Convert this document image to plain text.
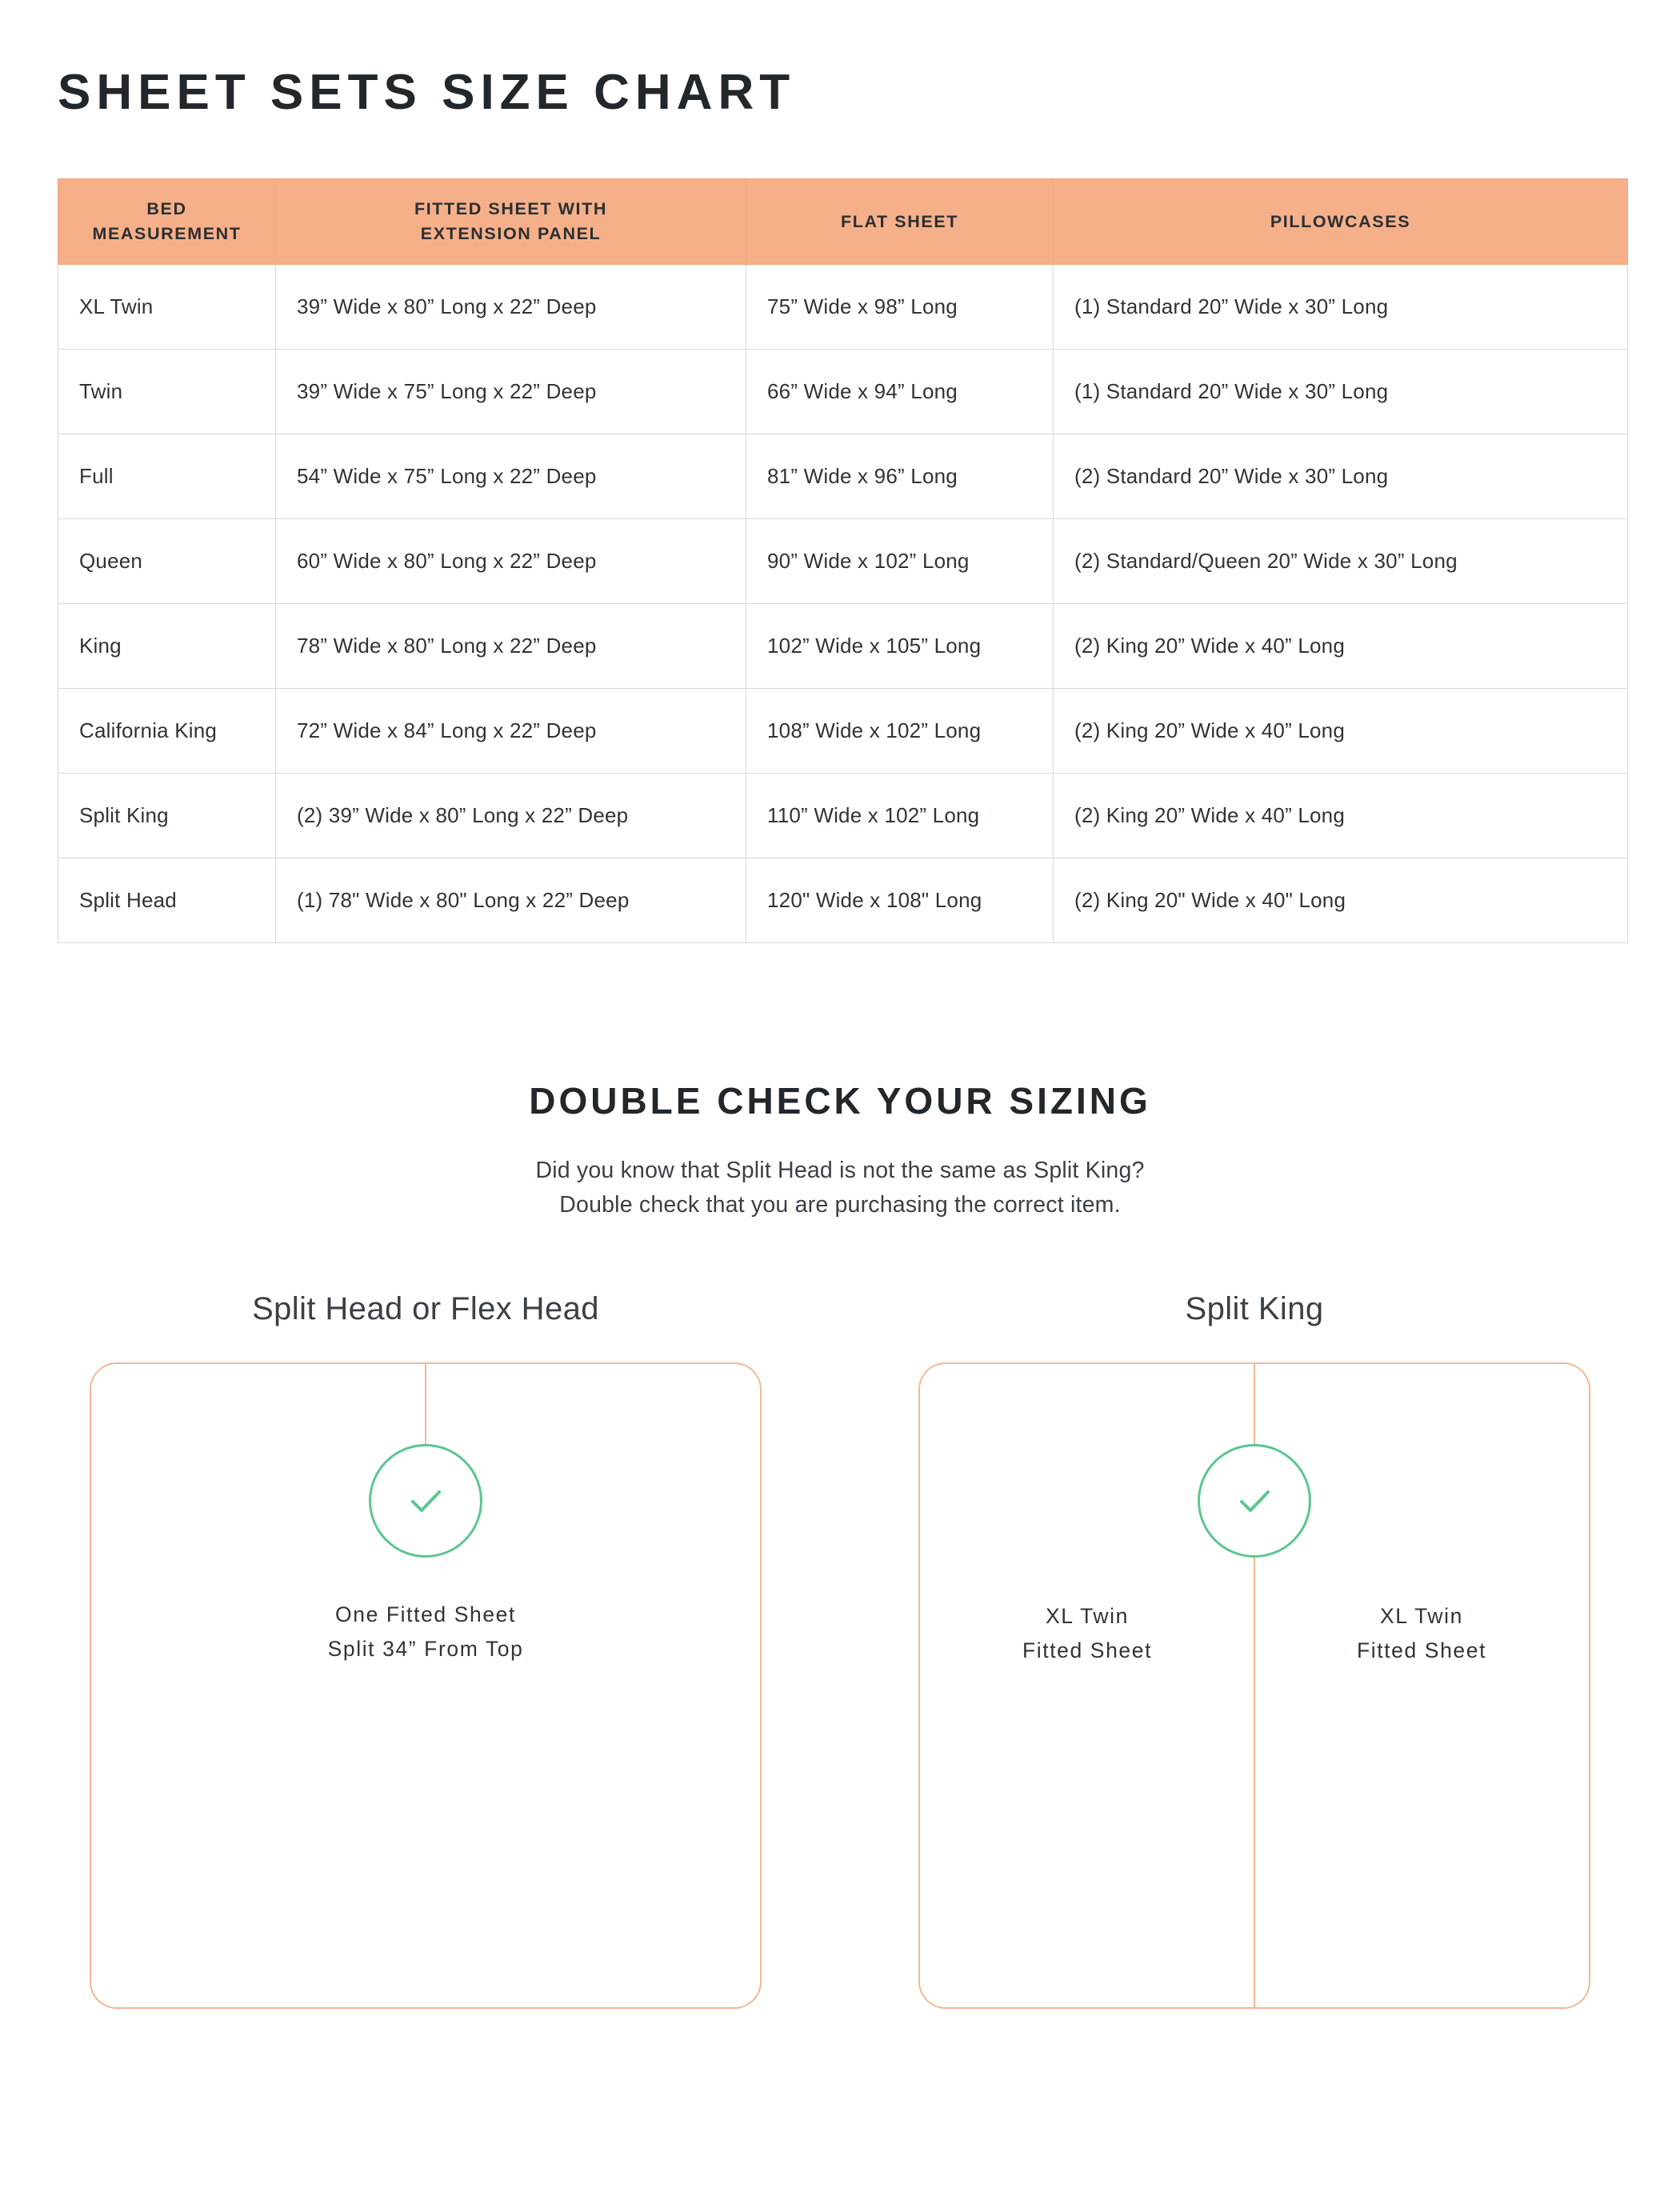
SHEET SETS SIZE CHART
BED
MEASUREMENT	FITTED SHEET WITH
EXTENSION PANEL	FLAT SHEET	PILLOWCASES
XL Twin	39” Wide x 80” Long x 22” Deep	75” Wide x 98” Long	(1) Standard 20” Wide x 30” Long
Twin	39” Wide x 75” Long x 22” Deep	66” Wide x 94” Long	(1) Standard 20” Wide x 30” Long
Full	54” Wide x 75” Long x 22” Deep	81” Wide x 96” Long	(2) Standard 20” Wide x 30” Long
Queen	60” Wide x 80” Long x 22” Deep	90” Wide x 102” Long	(2) Standard/Queen 20” Wide x 30” Long
King	78” Wide x 80” Long x 22” Deep	102” Wide x 105” Long	(2) King 20” Wide x 40” Long
California King	72” Wide x 84” Long x 22” Deep	108” Wide x 102” Long	(2) King 20” Wide x 40” Long
Split King	(2) 39” Wide x 80” Long x 22” Deep	110” Wide x 102” Long	(2) King 20” Wide x 40” Long
Split Head	(1) 78" Wide x 80" Long x 22” Deep	120" Wide x 108" Long	(2) King 20" Wide x 40" Long
DOUBLE CHECK YOUR SIZING

Did you know that Split Head is not the same as Split King?
Double check that you are purchasing the correct item.

Split Head or Flex Head
One Fitted Sheet
Split 34” From Top
Split King
XL Twin
Fitted Sheet
XL Twin
Fitted Sheet
